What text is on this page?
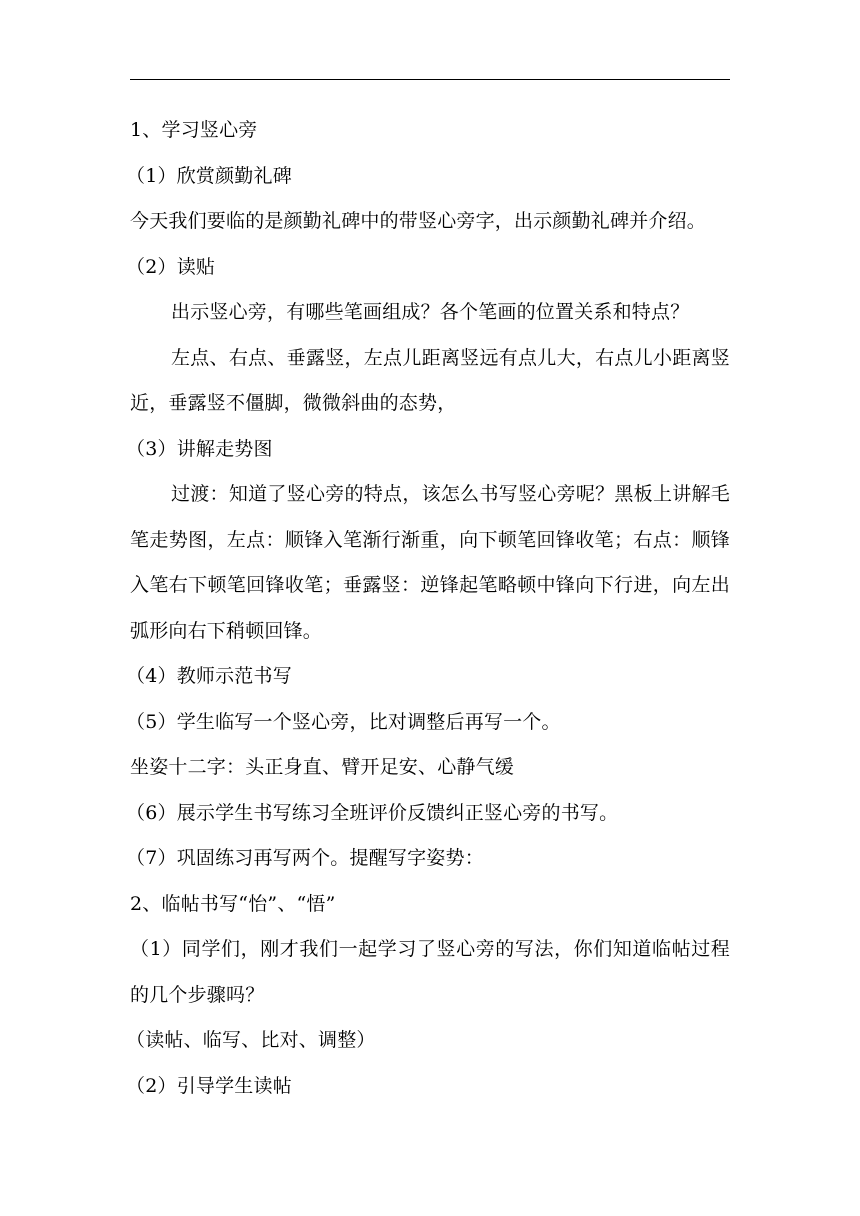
1、学习竖心旁
（1）欣赏颜勤礼碑
今天我们要临的是颜勤礼碑中的带竖心旁字，出示颜勤礼碑并介绍。
（2）读贴
出示竖心旁，有哪些笔画组成？各个笔画的位置关系和特点？
左点、右点、垂露竖，左点儿距离竖远有点儿大，右点儿小距离竖近，垂露竖不僵脚，微微斜曲的态势，
（3）讲解走势图
过渡：知道了竖心旁的特点，该怎么书写竖心旁呢？黑板上讲解毛笔走势图，左点：顺锋入笔渐行渐重，向下顿笔回锋收笔；右点：顺锋入笔右下顿笔回锋收笔；垂露竖：逆锋起笔略顿中锋向下行进，向左出弧形向右下稍顿回锋。
（4）教师示范书写
（5）学生临写一个竖心旁，比对调整后再写一个。
坐姿十二字：头正身直、臂开足安、心静气缓
（6）展示学生书写练习全班评价反馈纠正竖心旁的书写。
（7）巩固练习再写两个。提醒写字姿势：
2、临帖书写“怡”、“悟”
（1）同学们，刚才我们一起学习了竖心旁的写法，你们知道临帖过程的几个步骤吗？
（读帖、临写、比对、调整）
（2）引导学生读帖
